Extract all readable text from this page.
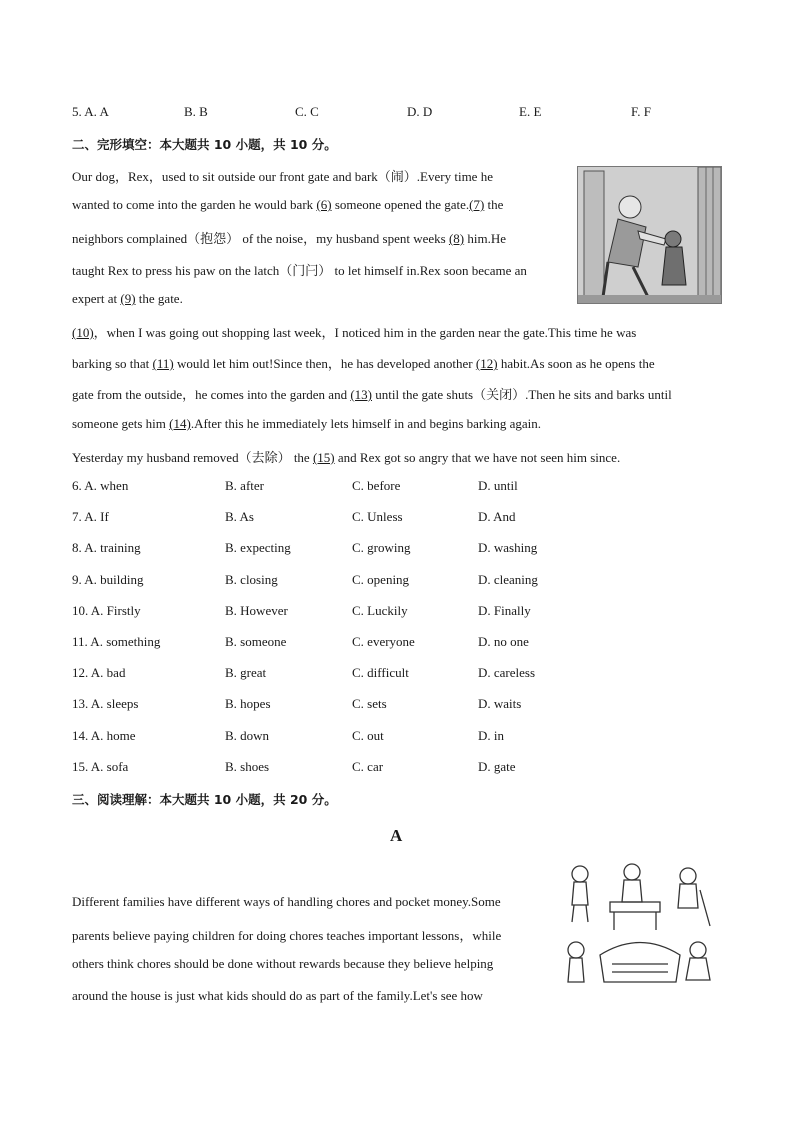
5. A. A	B. B	C. C	D. D	E. E	F. F
二、完形填空：本大题共 10 小题，共 10 分。
Our dog，Rex，used to sit outside our front gate and bark（闹）.Every time he
wanted to come into the garden he would bark (6) someone opened the gate.(7) the
neighbors complained（抱怨） of the noise，my husband spent weeks (8) him.He
taught Rex to press his paw on the latch（门闩） to let himself in.Rex soon became an
expert at (9) the gate.
(10)，when I was going out shopping last week，I noticed him in the garden near the gate.This time he was
barking so that (11) would let him out!Since then，he has developed another (12) habit.As soon as he opens the
gate from the outside，he comes into the garden and (13) until the gate shuts（关闭）.Then he sits and barks until
someone gets him (14).After this he immediately lets himself in and begins barking again.
Yesterday my husband removed（去除） the (15) and Rex got so angry that we have not seen him since.
6. A. when	B. after	C. before	D. until
7. A. If	B. As	C. Unless	D. And
8. A. training	B. expecting	C. growing	D. washing
9. A. building	B. closing	C. opening	D. cleaning
10. A. Firstly	B. However	C. Luckily	D. Finally
11. A. something	B. someone	C. everyone	D. no one
12. A. bad	B. great	C. difficult	D. careless
13. A. sleeps	B. hopes	C. sets	D. waits
14. A. home	B. down	C. out	D. in
15. A. sofa	B. shoes	C. car	D. gate
三、阅读理解：本大题共 10 小题，共 20 分。
A
Different families have different ways of handling chores and pocket money.Some
parents believe paying children for doing chores teaches important lessons，while
others think chores should be done without rewards because they believe helping
around the house is just what kids should do as part of the family.Let's see how
